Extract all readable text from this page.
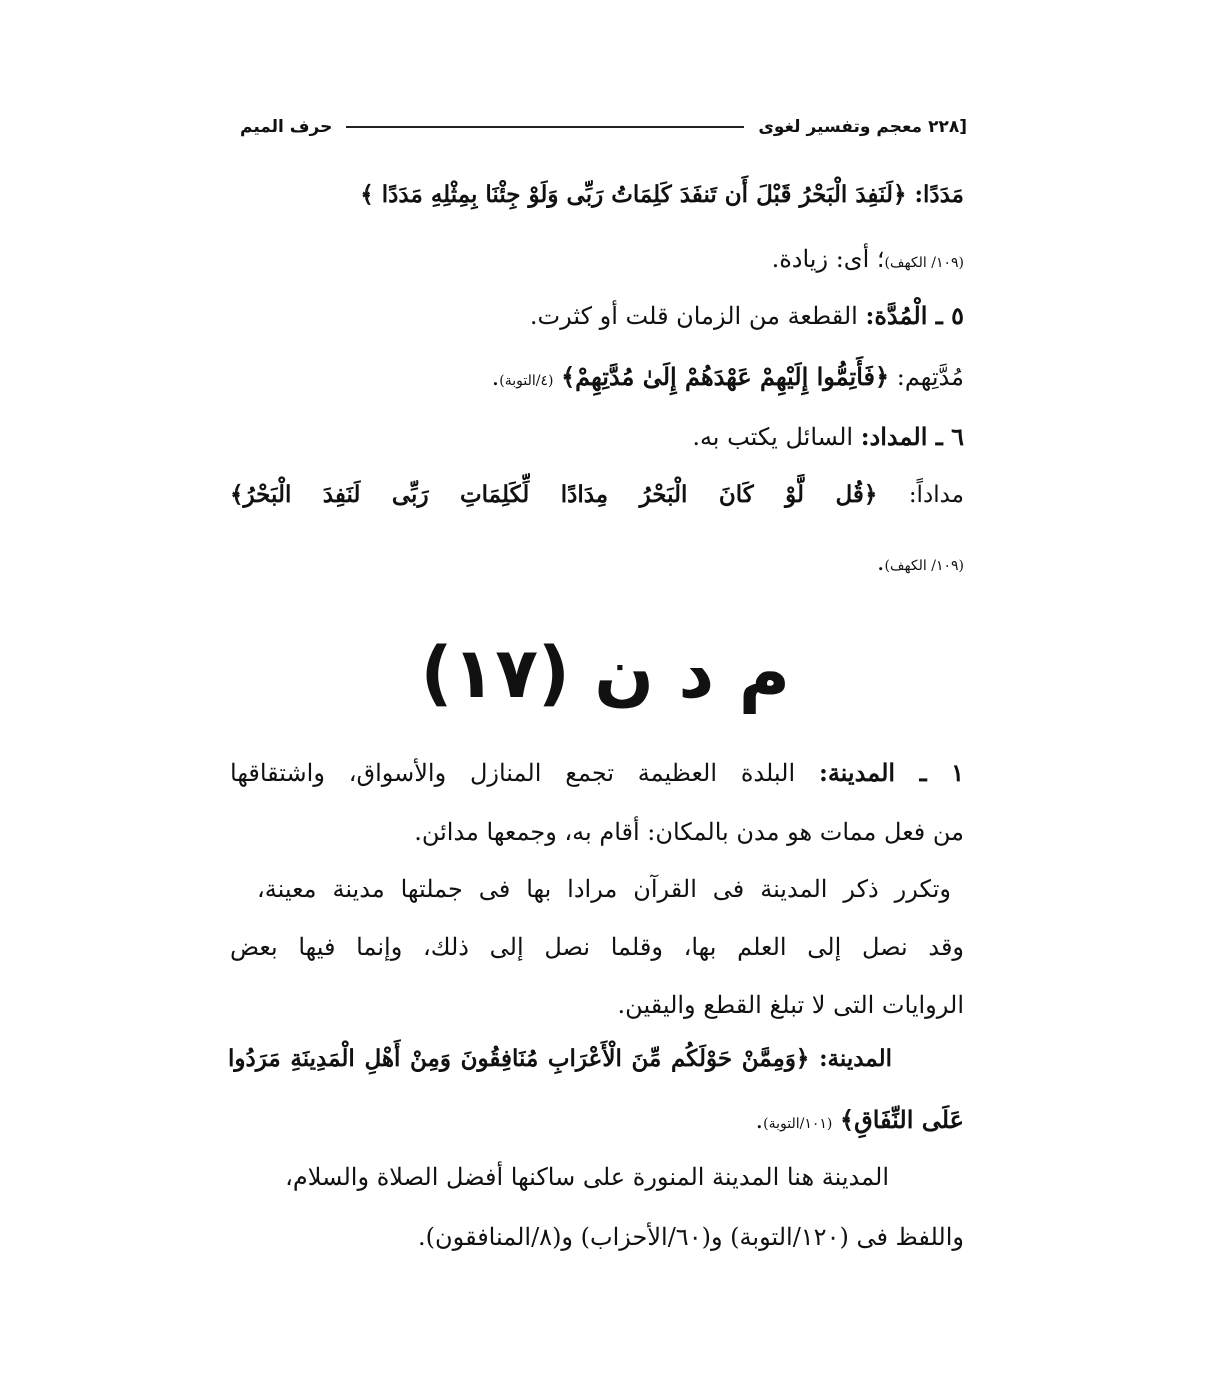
[٢٢٨
معجم وتفسير لغوى
حرف الميم
مَدَدًا: ﴿لَنَفِدَ الْبَحْرُ قَبْلَ أَن تَنفَدَ كَلِمَاتُ رَبِّى وَلَوْ جِئْنَا بِمِثْلِهِ مَدَدًا ﴾
(١٠٩/ الكهف)؛ أى: زيادة.
٥ ـ الْمُدَّة: القطعة من الزمان قلت أو كثرت.
مُدَّتِهم: ﴿فَأَتِمُّوا إِلَيْهِمْ عَهْدَهُمْ إِلَىٰ مُدَّتِهِمْ﴾ (٤/التوبة).
٦ ـ المداد: السائل يكتب به.
مداداً: ﴿قُل لَّوْ كَانَ الْبَحْرُ مِدَادًا لِّكَلِمَاتِ رَبِّى لَنَفِدَ الْبَحْرُ﴾
(١٠٩/ الكهف).
م د ن (١٧)
١ ـ المدينة: البلدة العظيمة تجمع المنازل والأسواق، واشتقاقها
من فعل ممات هو مدن بالمكان: أقام به، وجمعها مدائن.
وتكرر ذكر المدينة فى القرآن مرادا بها فى جملتها مدينة معينة،
وقد نصل إلى العلم بها، وقلما نصل إلى ذلك، وإنما فيها بعض
الروايات التى لا تبلغ القطع واليقين.
المدينة: ﴿وَمِمَّنْ حَوْلَكُم مِّنَ الْأَعْرَابِ مُنَافِقُونَ وَمِنْ أَهْلِ الْمَدِينَةِ مَرَدُوا
عَلَى النِّفَاقِ﴾ (١٠١/التوبة).
المدينة هنا المدينة المنورة على ساكنها أفضل الصلاة والسلام،
واللفظ فى (١٢٠/التوبة) و(٦٠/الأحزاب) و(٨/المنافقون).
